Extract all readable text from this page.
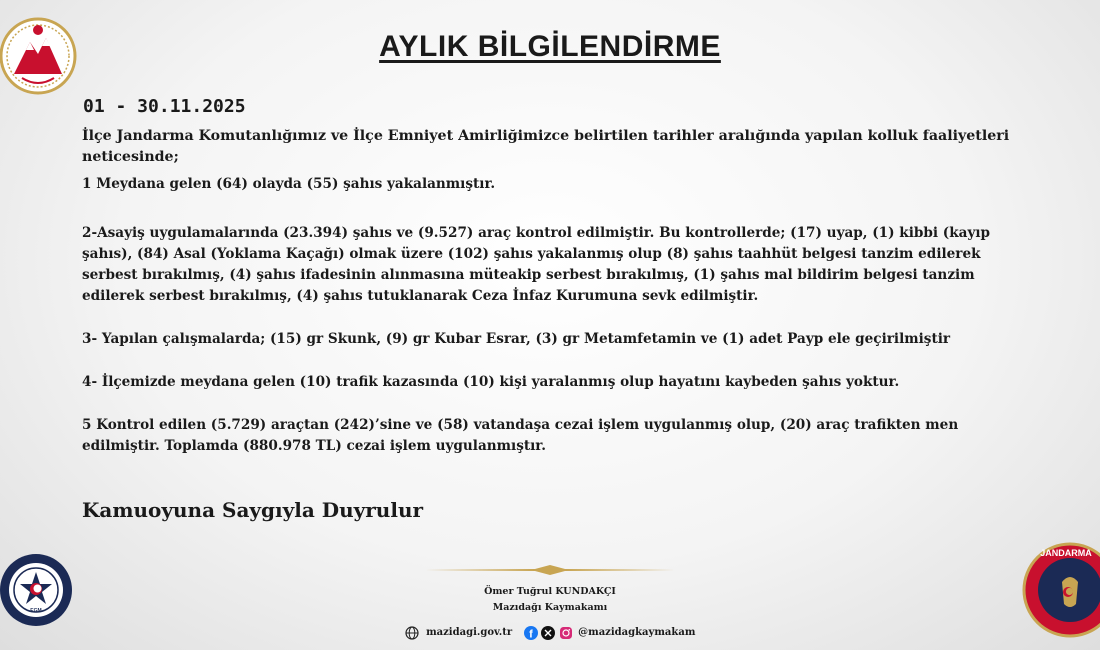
AYLIK BİLGİLENDİRME
01 - 30.11.2025

İlçe Jandarma Komutanlığımız ve İlçe Emniyet Amirliğimizce belirtilen tarihler aralığında yapılan kolluk faaliyetleri neticesinde;

1 Meydana gelen (64) olayda (55) şahıs yakalanmıştır.

2-Asayiş uygulamalarında (23.394) şahıs ve (9.527) araç kontrol edilmiştir. Bu kontrollerde; (17) uyap, (1) kibbi (kayıp şahıs), (84) Asal (Yoklama Kaçağı) olmak üzere (102) şahıs yakalanmış olup (8) şahıs taahhüt belgesi tanzim edilerek serbest bırakılmış, (4) şahıs ifadesinin alınmasına müteakip serbest bırakılmış, (1) şahıs mal bildirim belgesi tanzim edilerek serbest bırakılmış, (4) şahıs tutuklanarak Ceza İnfaz Kurumuna sevk edilmiştir.

3- Yapılan çalışmalarda; (15) gr Skunk, (9) gr Kubar Esrar, (3) gr Metamfetamin ve (1) adet Payp ele geçirilmiştir

4- İlçemizde meydana gelen (10) trafik kazasında (10) kişi yaralanmış olup hayatını kaybeden şahıs yoktur.

5 Kontrol edilen (5.729) araçtan (242)’sine ve (58) vatandaşa cezai işlem uygulanmış olup, (20) araç trafikten men edilmiştir. Toplamda (880.978 TL) cezai işlem uygulanmıştır.

Kamuoyuna Saygıyla Duyrulur
Ömer Tuğrul KUNDAKÇI
Mazıdağı Kaymakamı
mazidagi.gov.tr f	@mazidagkaymakam
EGM
JANDARMA
